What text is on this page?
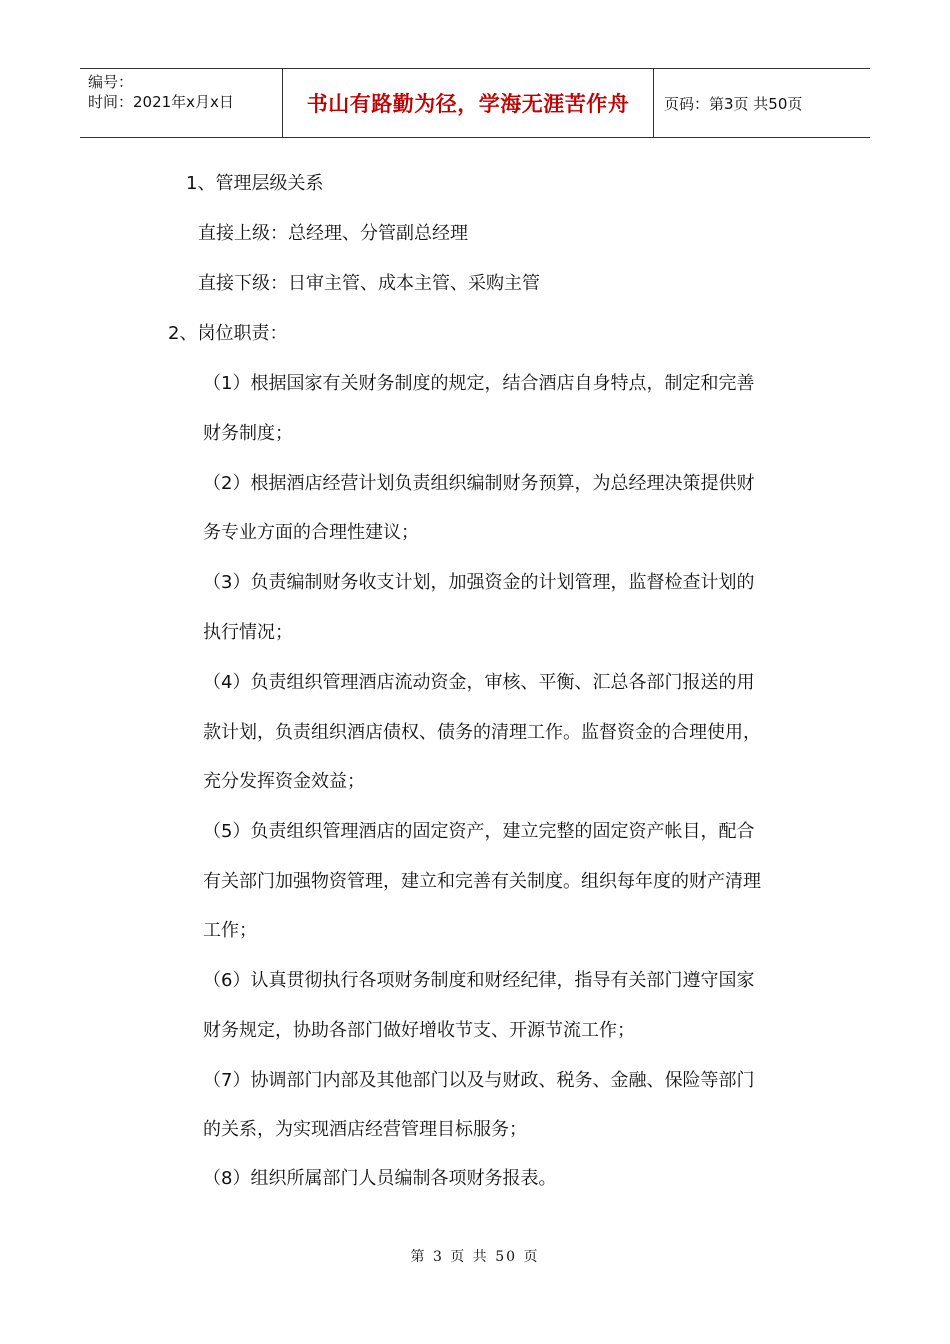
编号：
时间：2021年x月x日	书山有路勤为径，学海无涯苦作舟	页码：第3页 共50页
1、管理层级关系
直接上级：总经理、分管副总经理
直接下级：日审主管、成本主管、采购主管
2、岗位职责：
（1）根据国家有关财务制度的规定，结合酒店自身特点，制定和完善
财务制度；
（2）根据酒店经营计划负责组织编制财务预算，为总经理决策提供财
务专业方面的合理性建议；
（3）负责编制财务收支计划，加强资金的计划管理，监督检查计划的
执行情况；
（4）负责组织管理酒店流动资金，审核、平衡、汇总各部门报送的用
款计划，负责组织酒店债权、债务的清理工作。监督资金的合理使用，
充分发挥资金效益；
（5）负责组织管理酒店的固定资产，建立完整的固定资产帐目，配合
有关部门加强物资管理，建立和完善有关制度。组织每年度的财产清理
工作；
（6）认真贯彻执行各项财务制度和财经纪律，指导有关部门遵守国家
财务规定，协助各部门做好增收节支、开源节流工作；
（7）协调部门内部及其他部门以及与财政、税务、金融、保险等部门
的关系，为实现酒店经营管理目标服务；
（8）组织所属部门人员编制各项财务报表。
第 3 页 共 50 页
